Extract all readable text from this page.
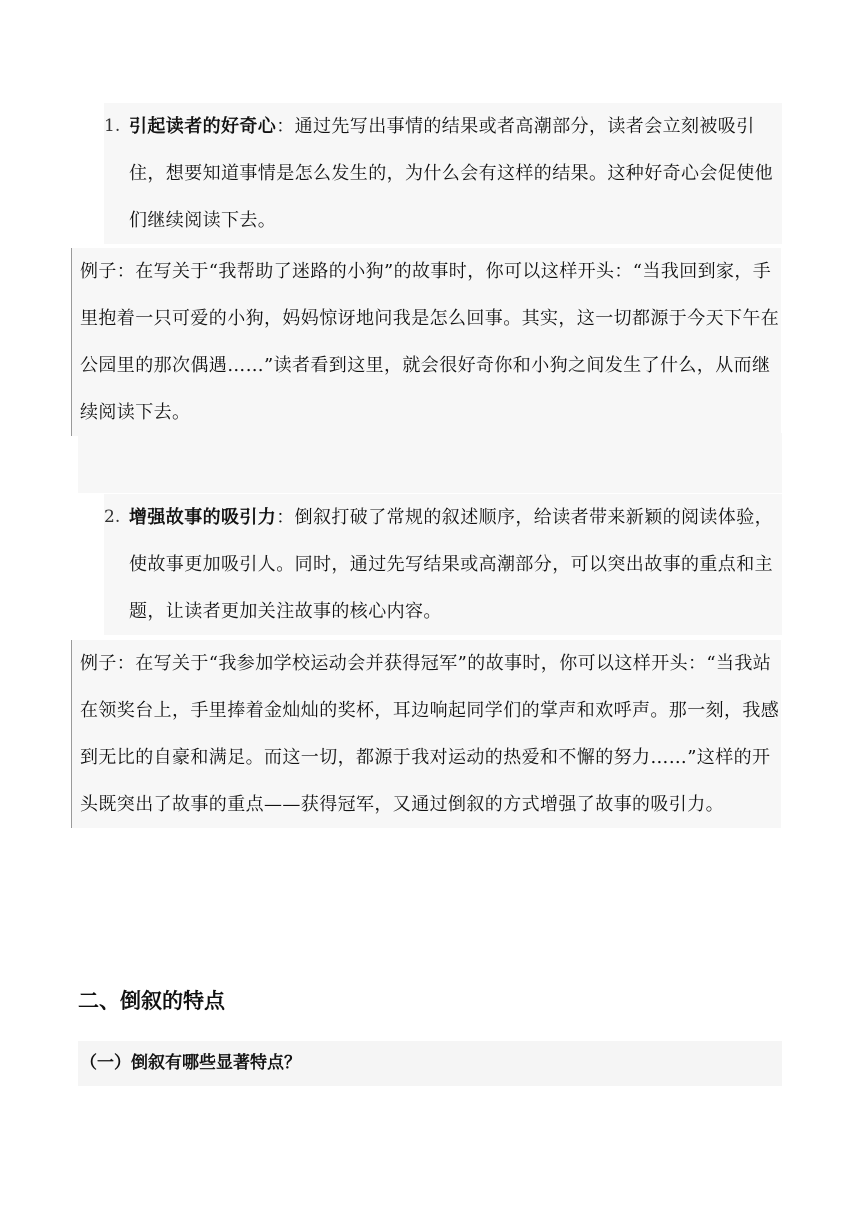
1. 引起读者的好奇心：通过先写出事情的结果或者高潮部分，读者会立刻被吸引住，想要知道事情是怎么发生的，为什么会有这样的结果。这种好奇心会促使他们继续阅读下去。
例子：在写关于“我帮助了迷路的小狗”的故事时，你可以这样开头：“当我回到家，手里抱着一只可爱的小狗，妈妈惊讶地问我是怎么回事。其实，这一切都源于今天下午在公园里的那次偶遇……”读者看到这里，就会很好奇你和小狗之间发生了什么，从而继续阅读下去。
2. 增强故事的吸引力：倒叙打破了常规的叙述顺序，给读者带来新颖的阅读体验，使故事更加吸引人。同时，通过先写结果或高潮部分，可以突出故事的重点和主题，让读者更加关注故事的核心内容。
例子：在写关于“我参加学校运动会并获得冠军”的故事时，你可以这样开头：“当我站在领奖台上，手里捧着金灿灿的奖杯，耳边响起同学们的掌声和欢呼声。那一刻，我感到无比的自豪和满足。而这一切，都源于我对运动的热爱和不懈的努力……”这样的开头既突出了故事的重点——获得冠军，又通过倒叙的方式增强了故事的吸引力。
二、倒叙的特点
（一）倒叙有哪些显著特点？
